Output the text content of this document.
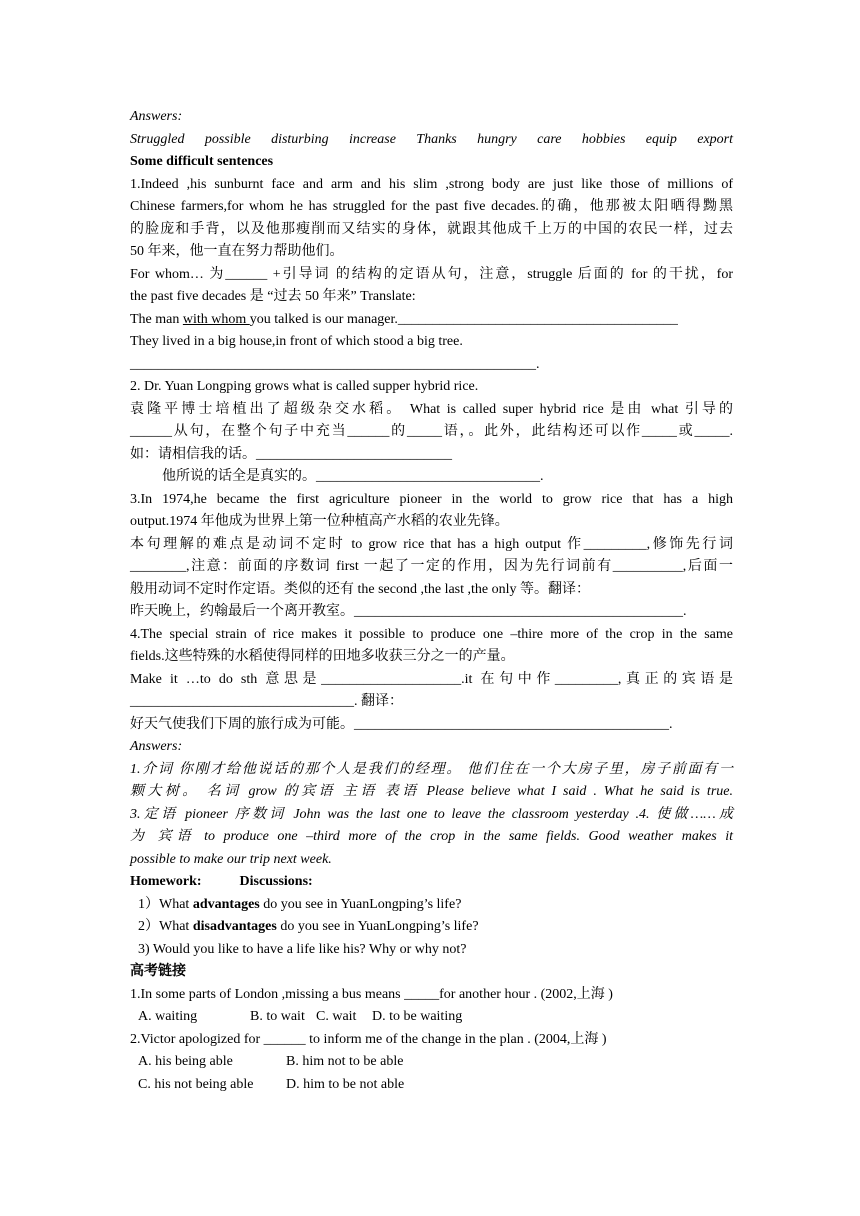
Answers:
Struggled possible disturbing increase Thanks hungry care hobbies equip export
Some difficult sentences
1.Indeed ,his sunburnt face and arm and his slim ,strong body are just like those of millions of
Chinese farmers,for whom he has struggled for the past five decades.的确，他那被太阳晒得黝黑
的脸庞和手背，以及他那瘦削而又结实的身体，就跟其他成千上万的中国的农民一样，过去
50 年来，他一直在努力帮助他们。
For whom… 为______ +引导词 的结构的定语从句，注意，struggle 后面的 for 的干扰，for
the past five decades 是 “过去 50 年来” Translate:
The man with whom you talked is our manager.________________________________________
They lived in a big house,in front of which stood a big tree.
__________________________________________________________.
2. Dr. Yuan Longping grows what is called supper hybrid rice.
袁隆平博士培植出了超级杂交水稻。 What is called super hybrid rice 是由 what 引导的
______从句，在整个句子中充当______的_____语，。此外，此结构还可以作_____或_____.
如：请相信我的话。____________________________
他所说的话全是真实的。________________________________.
3.In 1974,he became the first agriculture pioneer in the world to grow rice that has a high
output.1974 年他成为世界上第一位种植高产水稻的农业先锋。
本句理解的难点是动词不定时 to grow rice that has a high output 作_________,修饰先行词
________,注意：前面的序数词 first 一起了一定的作用，因为先行词前有__________,后面一
般用动词不定时作定语。类似的还有 the second ,the last ,the only 等。翻译：
昨天晚上，约翰最后一个离开教室。_______________________________________________.
4.The special strain of rice makes it possible to produce one –thire more of the crop in the same
fields.这些特殊的水稻使得同样的田地多收获三分之一的产量。
Make it …to do sth 意思是____________________.it 在句中作_________,真正的宾语是
________________________________. 翻译：
好天气使我们下周的旅行成为可能。_____________________________________________.
Answers:
1.介词 你刚才给他说话的那个人是我们的经理。 他们住在一个大房子里，房子前面有一
颗大树。 名词 grow 的宾语 主语 表语 Please believe what I said . What he said is true.
3.定语 pioneer 序数词 John was the last one to leave the classroom yesterday .4. 使做……成
为 宾语 to produce one –third more of the crop in the same fields. Good weather makes it
possible to make our trip next week.
Homework:	Discussions:
1）What advantages do you see in YuanLongping’s life?
2）What disadvantages do you see in YuanLongping’s life?
3) Would you like to have a life like his? Why or why not?
高考链接
1.In some parts of London ,missing a bus means _____for another hour . (2002,上海 )
A. waiting	B. to wait C. wait D. to be waiting
2.Victor apologized for ______ to inform me of the change in the plan . (2004,上海 )
A. his being able	B. him not to be able
C. his not being able D. him to be not able
